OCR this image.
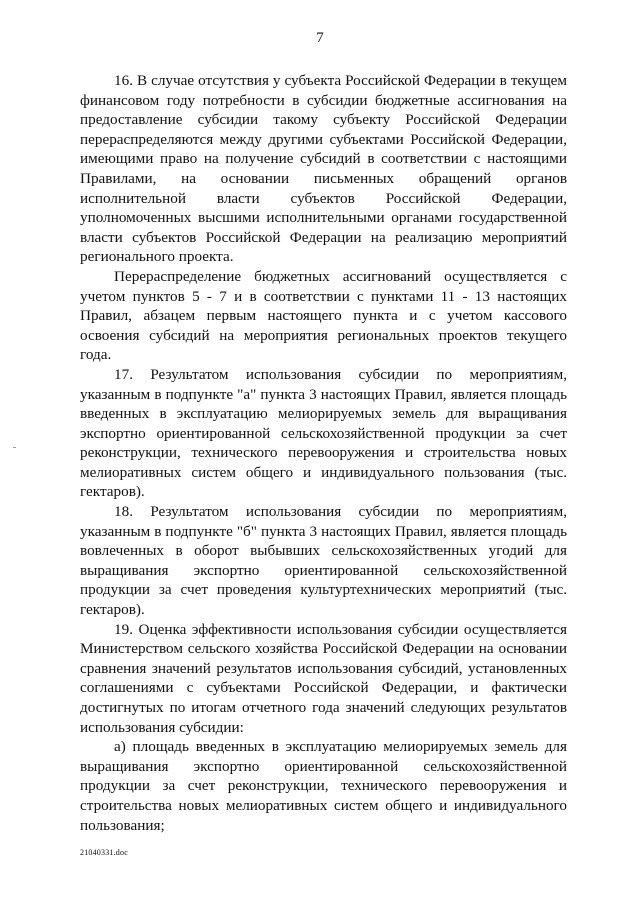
7

16. В случае отсутствия у субъекта Российской Федерации в текущем финансовом году потребности в субсидии бюджетные ассигнования на предоставление субсидии такому субъекту Российской Федерации перераспределяются между другими субъектами Российской Федерации, имеющими право на получение субсидий в соответствии с настоящими Правилами, на основании письменных обращений органов исполнительной власти субъектов Российской Федерации, уполномоченных высшими исполнительными органами государственной власти субъектов Российской Федерации на реализацию мероприятий регионального проекта.

Перераспределение бюджетных ассигнований осуществляется с учетом пунктов 5 - 7 и в соответствии с пунктами 11 - 13 настоящих Правил, абзацем первым настоящего пункта и с учетом кассового освоения субсидий на мероприятия региональных проектов текущего года.

17. Результатом использования субсидии по мероприятиям, указанным в подпункте "а" пункта 3 настоящих Правил, является площадь введенных в эксплуатацию мелиорируемых земель для выращивания экспортно ориентированной сельскохозяйственной продукции за счет реконструкции, технического перевооружения и строительства новых мелиоративных систем общего и индивидуального пользования (тыс. гектаров).

18. Результатом использования субсидии по мероприятиям, указанным в подпункте "б" пункта 3 настоящих Правил, является площадь вовлеченных в оборот выбывших сельскохозяйственных угодий для выращивания экспортно ориентированной сельскохозяйственной продукции за счет проведения культуртехнических мероприятий (тыс. гектаров).

19. Оценка эффективности использования субсидии осуществляется Министерством сельского хозяйства Российской Федерации на основании сравнения значений результатов использования субсидий, установленных соглашениями с субъектами Российской Федерации, и фактически достигнутых по итогам отчетного года значений следующих результатов использования субсидии:

а) площадь введенных в эксплуатацию мелиорируемых земель для выращивания экспортно ориентированной сельскохозяйственной продукции за счет реконструкции, технического перевооружения и строительства новых мелиоративных систем общего и индивидуального пользования;

21040331.doc
